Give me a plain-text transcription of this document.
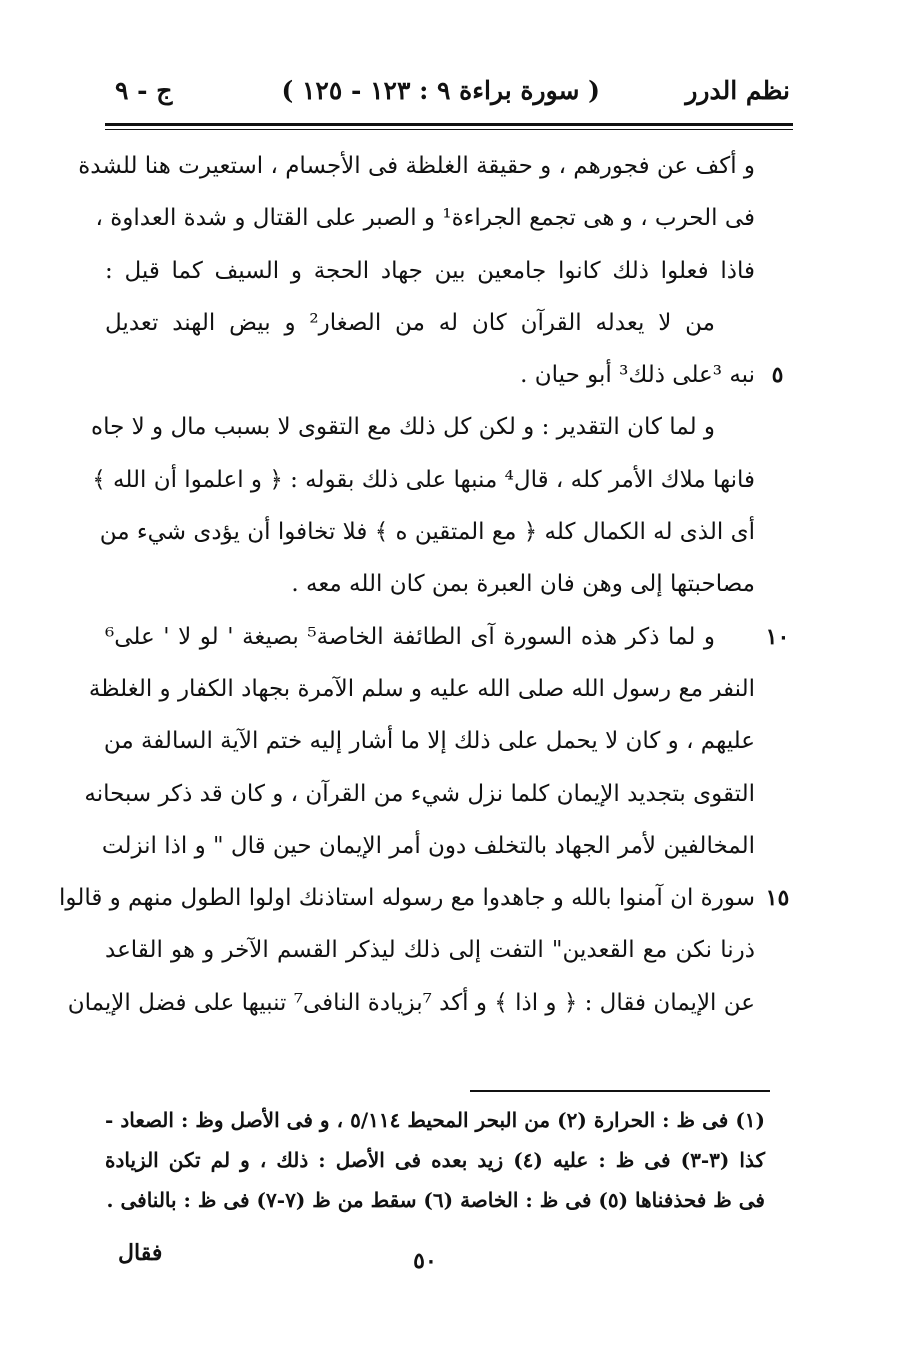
نظم الدرر
( سورة براءة ٩ : ١٢٣ - ١٢٥ )
ج - ٩
و أكف عن فجورهم ، و حقيقة الغلظة فى الأجسام ، استعيرت هنا للشدة
فى الحرب ، و هى تجمع الجراءة¹ و الصبر على القتال و شدة العداوة ،
فاذا فعلوا ذلك كانوا جامعين بين جهاد الحجة و السيف كما قيل :
من لا يعدله القرآن كان له من الصغار² و بيض الهند تعديل
نبه ³على ذلك³ أبو حيان .
و لما كان التقدير : و لكن كل ذلك مع التقوى لا بسبب مال و لا جاه
فانها ملاك الأمر كله ، قال⁴ منبها على ذلك بقوله : ﴿ و اعلموا أن الله ﴾
أى الذى له الكمال كله ﴿ مع المتقين ه ﴾ فلا تخافوا أن يؤدى شيء من
مصاحبتها إلى وهن فان العبرة بمن كان الله معه .
و لما ذكر هذه السورة آى الطائفة الخاصة⁵ بصيغة ' لو لا ' على⁶
النفر مع رسول الله صلى الله عليه و سلم الآمرة بجهاد الكفار و الغلظة
عليهم ، و كان لا يحمل على ذلك إلا ما أشار إليه ختم الآية السالفة من
التقوى بتجديد الإيمان كلما نزل شيء من القرآن ، و كان قد ذكر سبحانه
المخالفين لأمر الجهاد بالتخلف دون أمر الإيمان حين قال " و اذا انزلت
سورة ان آمنوا بالله و جاهدوا مع رسوله استاذنك اولوا الطول منهم و قالوا
ذرنا نكن مع القعدين" التفت إلى ذلك ليذكر القسم الآخر و هو القاعد
عن الإيمان فقال : ﴿ و اذا ﴾ و أكد ⁷بزيادة النافى⁷ تنبيها على فضل الإيمان
٥
١٠
١٥
(١) فى ظ : الحرارة (٢) من البحر المحيط ٥/١١٤ ، و فى الأصل وظ : الصعاد -
كذا (٣-٣) فى ظ : عليه (٤) زيد بعده فى الأصل : ذلك ، و لم تكن الزيادة
فى ظ فحذفناها (٥) فى ظ : الخاصة (٦) سقط من ظ (٧-٧) فى ظ : بالنافى .
٥٠
فقال
